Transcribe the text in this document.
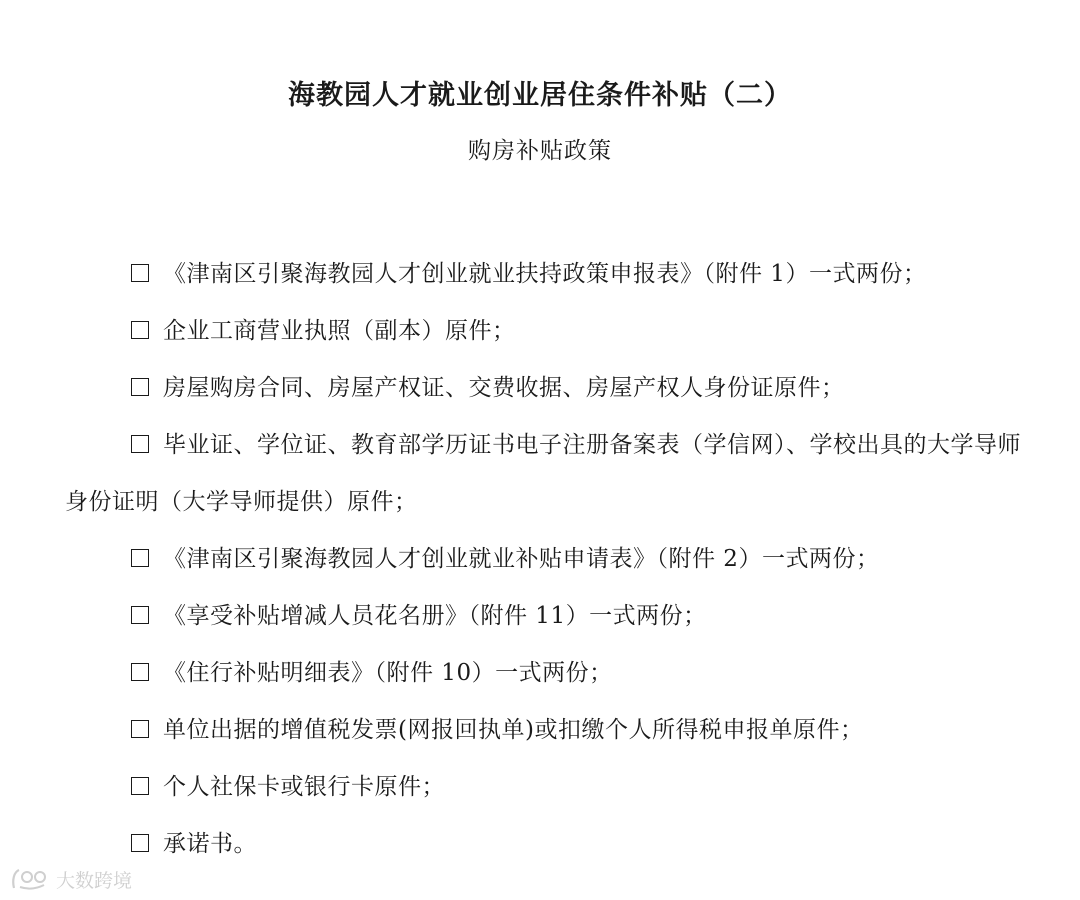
海教园人才就业创业居住条件补贴（二）
购房补贴政策
《津南区引聚海教园人才创业就业扶持政策申报表》（附件 1）一式两份；
企业工商营业执照（副本）原件；
房屋购房合同、房屋产权证、交费收据、房屋产权人身份证原件；
毕业证、学位证、教育部学历证书电子注册备案表（学信网）、学校出具的大学导师身份证明（大学导师提供）原件；
《津南区引聚海教园人才创业就业补贴申请表》（附件 2）一式两份；
《享受补贴增减人员花名册》（附件 11）一式两份；
《住行补贴明细表》（附件 10）一式两份；
单位出据的增值税发票(网报回执单)或扣缴个人所得税申报单原件；
个人社保卡或银行卡原件；
承诺书。
大数跨境
